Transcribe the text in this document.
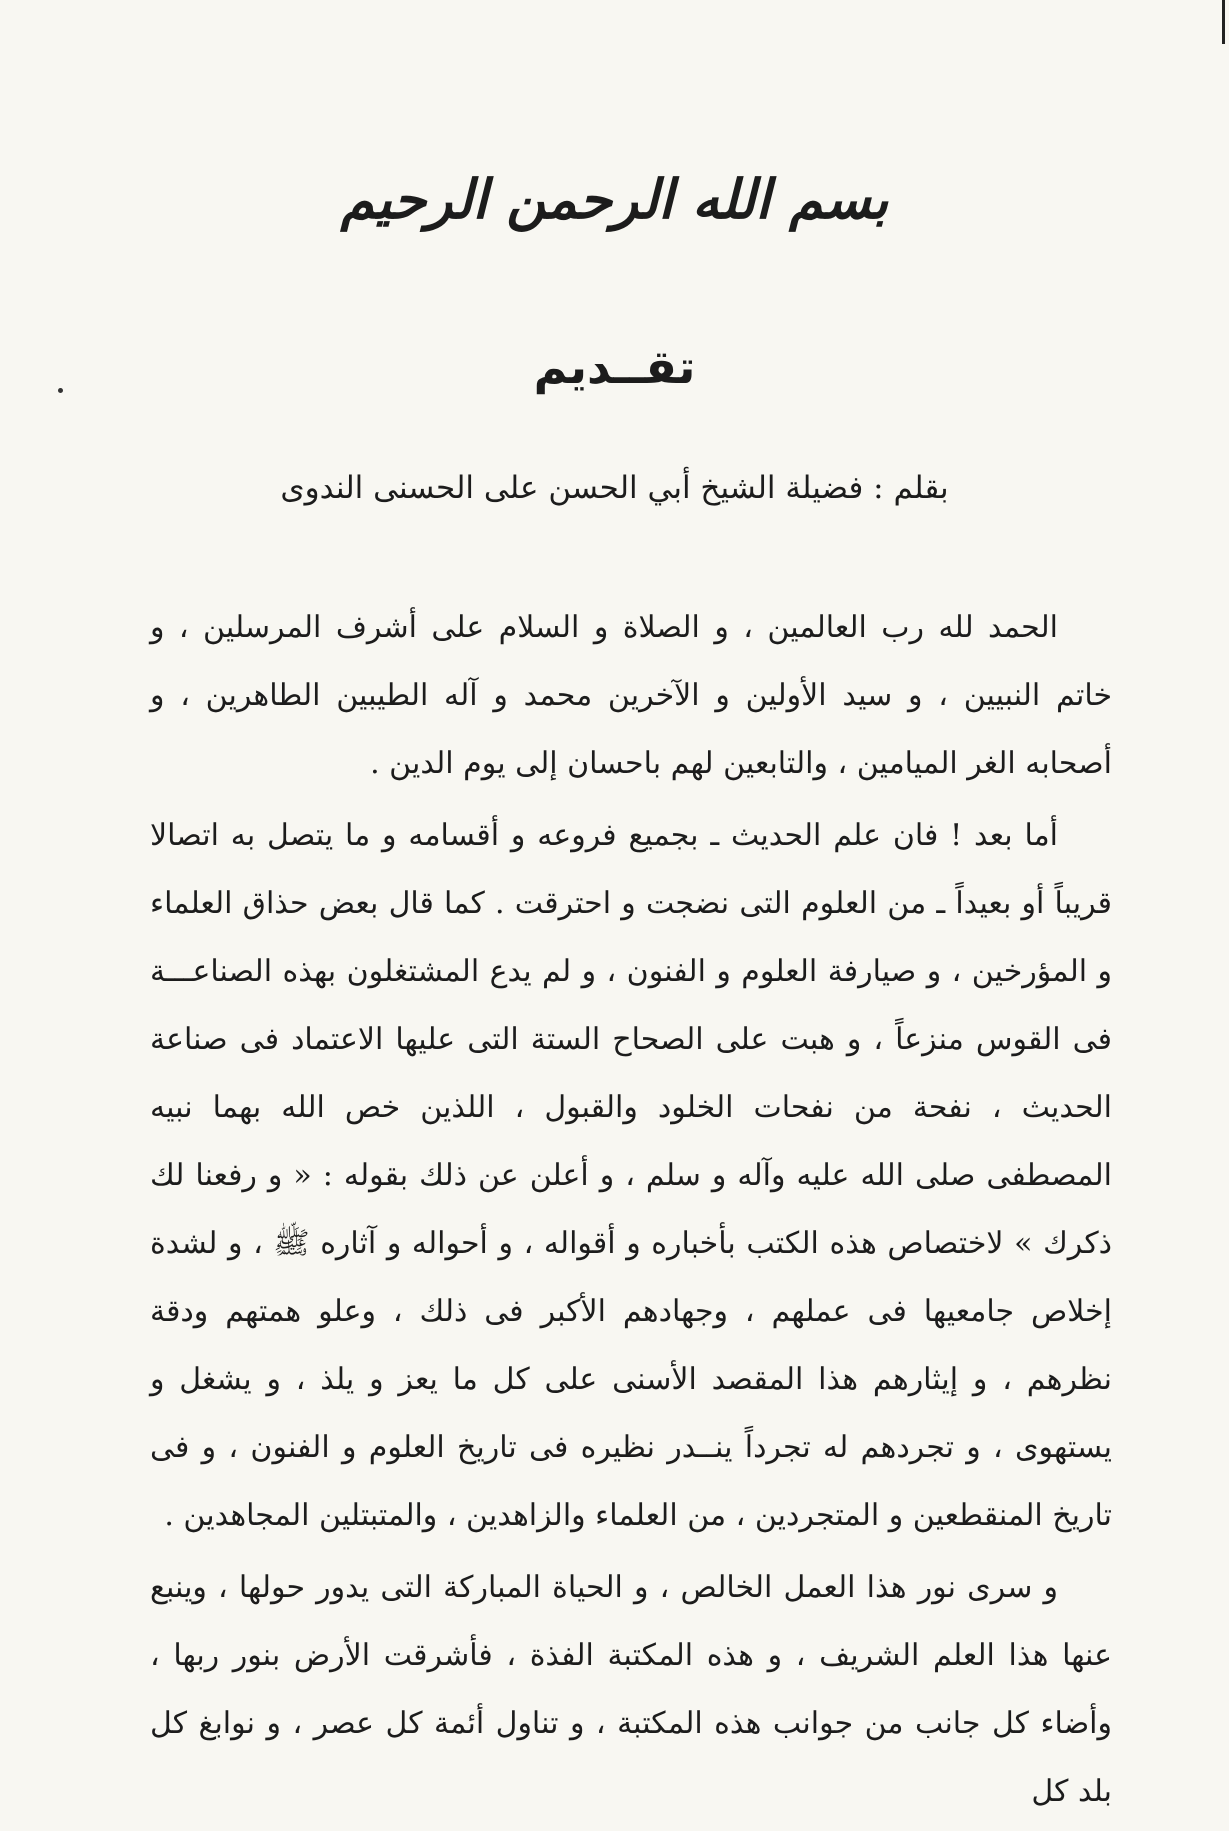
بسم الله الرحمن الرحيم
تقــديم
بقلم : فضيلة الشيخ أبي الحسن على الحسنى الندوى

الحمد لله رب العالمين ، و الصلاة و السلام على أشرف المرسلين ، و خاتم النبيين ، و سيد الأولين و الآخرين محمد و آله الطيبين الطاهرين ، و أصحابه الغر الميامين ، والتابعين لهم باحسان إلى يوم الدين .

أما بعد ! فان علم الحديث ـ بجميع فروعه و أقسامه و ما يتصل به اتصالا قريباً أو بعيداً ـ من العلوم التى نضجت و احترقت . كما قال بعض حذاق العلماء و المؤرخين ، و صيارفة العلوم و الفنون ، و لم يدع المشتغلون بهذه الصناعـــة فى القوس منزعاً ، و هبت على الصحاح الستة التى عليها الاعتماد فى صناعة الحديث ، نفحة من نفحات الخلود والقبول ، اللذين خص الله بهما نبيه المصطفى صلى الله عليه وآله و سلم ، و أعلن عن ذلك بقوله : « و رفعنا لك ذكرك » لاختصاص هذه الكتب بأخباره و أقواله ، و أحواله و آثاره ﷺ ، و لشدة إخلاص جامعيها فى عملهم ، وجهادهم الأكبر فى ذلك ، وعلو همتهم ودقة نظرهم ، و إيثارهم هذا المقصد الأسنى على كل ما يعز و يلذ ، و يشغل و يستهوى ، و تجردهم له تجرداً ينــدر نظيره فى تاريخ العلوم و الفنون ، و فى تاريخ المنقطعين و المتجردين ، من العلماء والزاهدين ، والمتبتلين المجاهدين .

و سرى نور هذا العمل الخالص ، و الحياة المباركة التى يدور حولها ، وينبع عنها هذا العلم الشريف ، و هذه المكتبة الفذة ، فأشرقت الأرض بنور ربها ، وأضاء كل جانب من جوانب هذه المكتبة ، و تناول أئمة كل عصر ، و نوابغ كل بلد كل
